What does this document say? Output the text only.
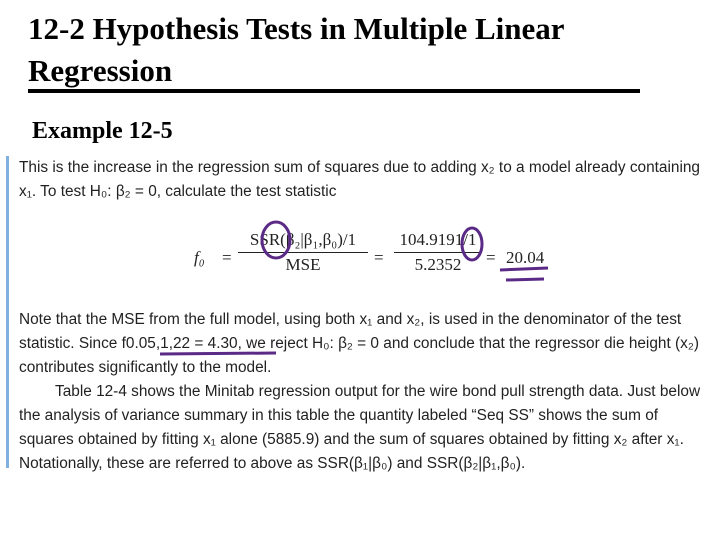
12-2 Hypothesis Tests in Multiple Linear Regression
Example 12-5

This is the increase in the regression sum of squares due to adding x₂ to a model already containing x₁. To test H₀: β₂ = 0, calculate the test statistic

f₀ =
SSR(β₂|β₁,β₀)/1
MSE	=
104.9191/1
5.2352	= 20.04

Note that the MSE from the full model, using both x₁ and x₂, is used in the denominator of the test statistic. Since f0.05,1,22 = 4.30, we reject H₀: β₂ = 0 and conclude that the regressor die height (x₂) contributes significantly to the model.

Table 12-4 shows the Minitab regression output for the wire bond pull strength data. Just below the analysis of variance summary in this table the quantity labeled “Seq SS” shows the sum of squares obtained by fitting x₁ alone (5885.9) and the sum of squares obtained by fitting x₂ after x₁. Notationally, these are referred to above as SSR(β₁|β₀) and SSR(β₂|β₁,β₀).
